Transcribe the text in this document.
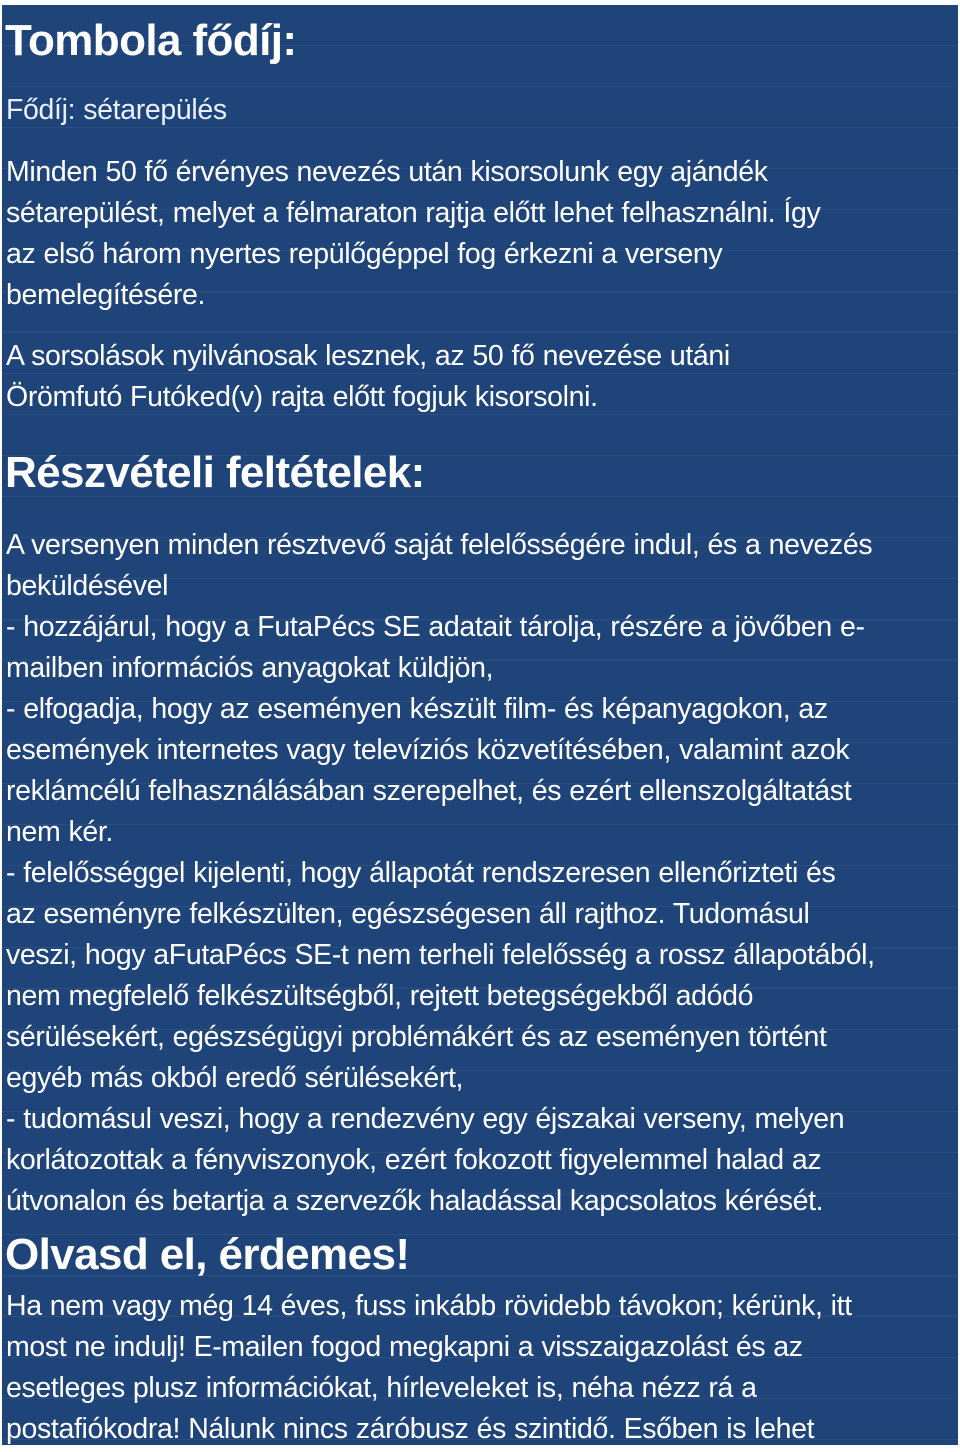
Tombola fődíj:
Fődíj: sétarepülés
Minden 50 fő érvényes nevezés után kisorsolunk egy ajándék
sétarepülést, melyet a félmaraton rajtja előtt lehet felhasználni. Így
az első három nyertes repülőgéppel fog érkezni a verseny
bemelegítésére.
A sorsolások nyilvánosak lesznek, az 50 fő nevezése utáni
Örömfutó Futóked(v) rajta előtt fogjuk kisorsolni.
Részvételi feltételek:
A versenyen minden résztvevő saját felelősségére indul, és a nevezés
beküldésével
- hozzájárul, hogy a FutaPécs SE adatait tárolja, részére a jövőben e-
mailben információs anyagokat küldjön,
- elfogadja, hogy az eseményen készült film- és képanyagokon, az
események internetes vagy televíziós közvetítésében, valamint azok
reklámcélú felhasználásában szerepelhet, és ezért ellenszolgáltatást
nem kér.
- felelősséggel kijelenti, hogy állapotát rendszeresen ellenőrizteti és
az eseményre felkészülten, egészségesen áll rajthoz. Tudomásul
veszi, hogy aFutaPécs SE-t nem terheli felelősség a rossz állapotából,
nem megfelelő felkészültségből, rejtett betegségekből adódó
sérülésekért, egészségügyi problémákért és az eseményen történt
egyéb más okból eredő sérülésekért,
- tudomásul veszi, hogy a rendezvény egy éjszakai verseny, melyen
korlátozottak a fényviszonyok, ezért fokozott figyelemmel halad az
útvonalon és betartja a szervezők haladással kapcsolatos kérését.
Olvasd el, érdemes!
Ha nem vagy még 14 éves, fuss inkább rövidebb távokon; kérünk, itt
most ne indulj! E-mailen fogod megkapni a visszaigazolást és az
esetleges plusz információkat, hírleveleket is, néha nézz rá a
postafiókodra! Nálunk nincs záróbusz és szintidő. Esőben is lehet
